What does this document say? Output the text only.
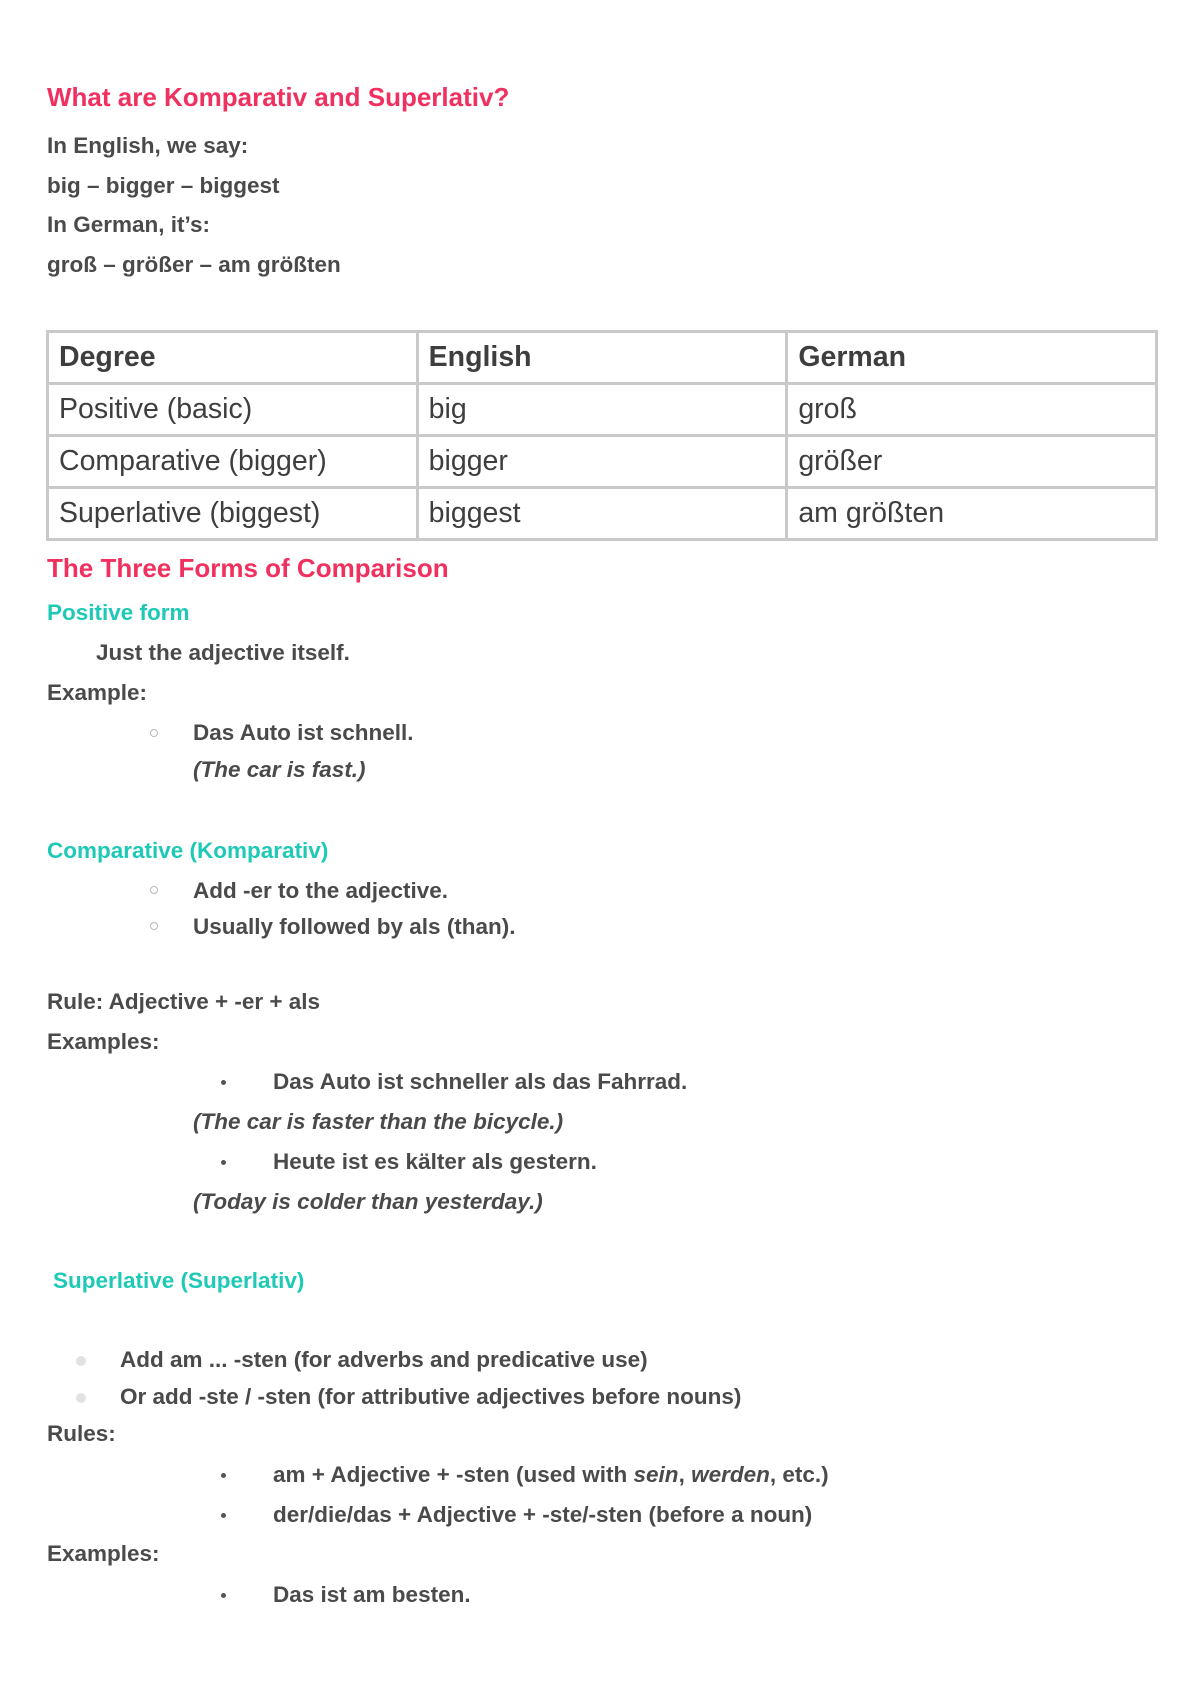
What are Komparativ and Superlativ?
In English, we say:
big – bigger – biggest
In German, it’s:
groß – größer – am größten
Degree	English	German
Positive (basic)	big	groß
Comparative (bigger)	bigger	größer
Superlative (biggest)	biggest	am größten
The Three Forms of Comparison
Positive form
Just the adjective itself.
Example:
Das Auto ist schnell.
(The car is fast.)
Comparative (Komparativ)
Add -er to the adjective.
Usually followed by als (than).
Rule: Adjective + -er + als
Examples:
Das Auto ist schneller als das Fahrrad.
(The car is faster than the bicycle.)
Heute ist es kälter als gestern.
(Today is colder than yesterday.)
Superlative (Superlativ)
Add am ... -sten (for adverbs and predicative use)
Or add -ste / -sten (for attributive adjectives before nouns)
Rules:
am + Adjective + -sten (used with sein, werden, etc.)
der/die/das + Adjective + -ste/-sten (before a noun)
Examples:
Das ist am besten.
